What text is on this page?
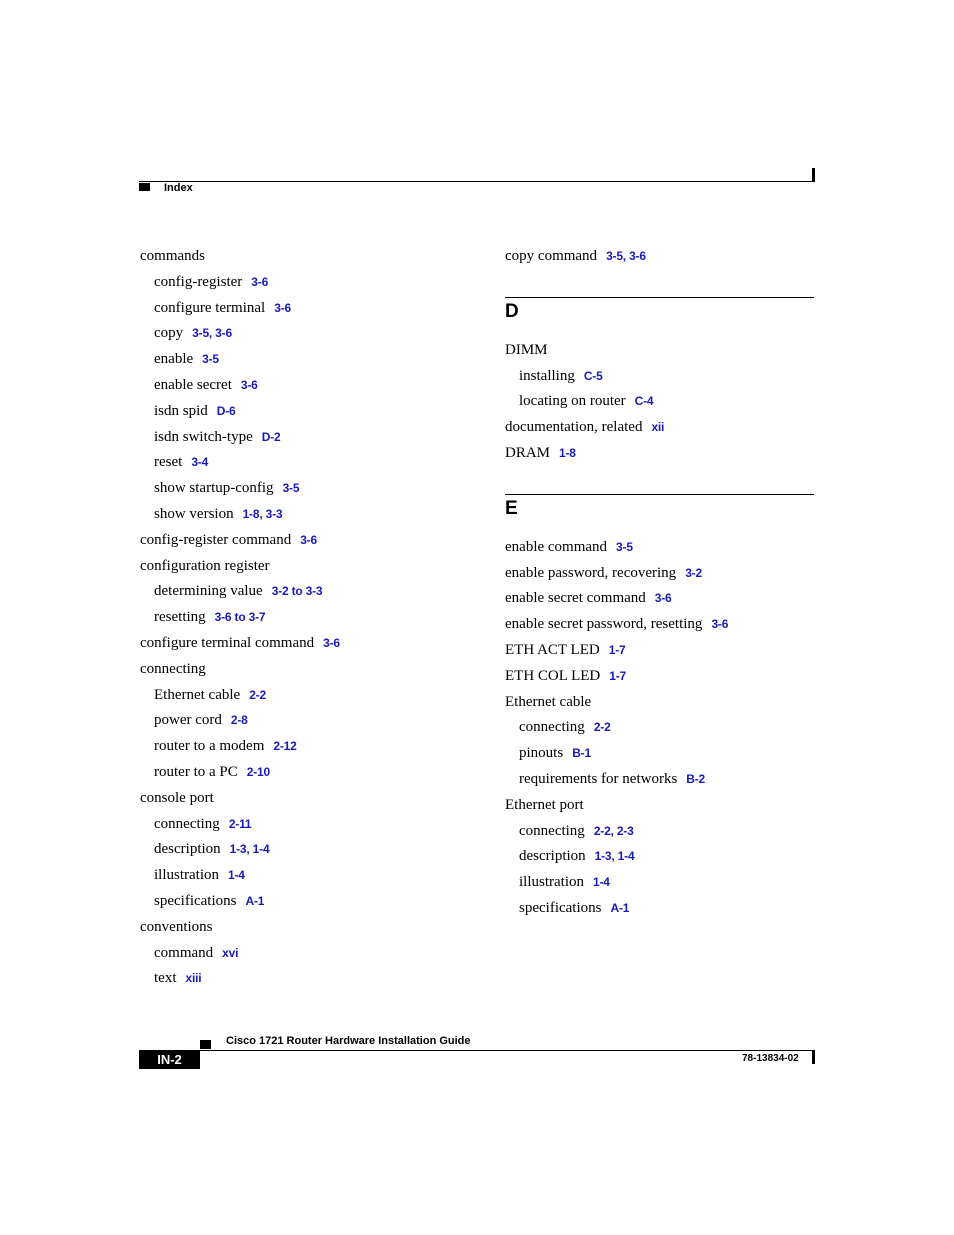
Index
commands
config-register 3-6
configure terminal 3-6
copy 3-5, 3-6
enable 3-5
enable secret 3-6
isdn spid D-6
isdn switch-type D-2
reset 3-4
show startup-config 3-5
show version 1-8, 3-3
config-register command 3-6
configuration register
determining value 3-2 to 3-3
resetting 3-6 to 3-7
configure terminal command 3-6
connecting
Ethernet cable 2-2
power cord 2-8
router to a modem 2-12
router to a PC 2-10
console port
connecting 2-11
description 1-3, 1-4
illustration 1-4
specifications A-1
conventions
command xvi
text xiii
copy command 3-5, 3-6
D
DIMM
installing C-5
locating on router C-4
documentation, related xii
DRAM 1-8
E
enable command 3-5
enable password, recovering 3-2
enable secret command 3-6
enable secret password, resetting 3-6
ETH ACT LED 1-7
ETH COL LED 1-7
Ethernet cable
connecting 2-2
pinouts B-1
requirements for networks B-2
Ethernet port
connecting 2-2, 2-3
description 1-3, 1-4
illustration 1-4
specifications A-1
Cisco 1721 Router Hardware Installation Guide
IN-2	78-13834-02
